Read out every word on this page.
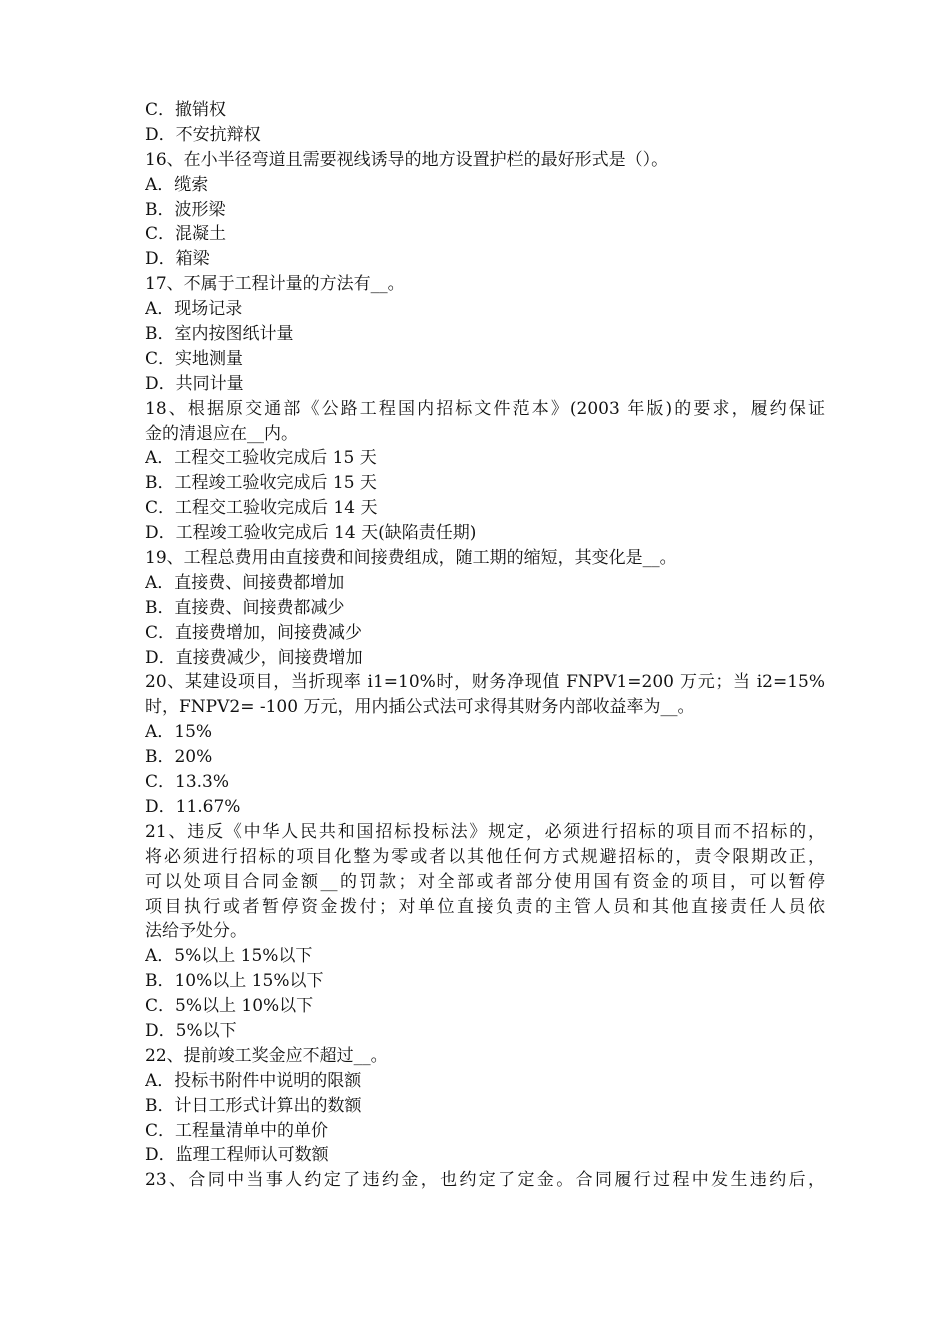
C．撤销权
D．不安抗辩权
16、在小半径弯道且需要视线诱导的地方设置护栏的最好形式是（）。
A．缆索
B．波形梁
C．混凝土
D．箱梁
17、不属于工程计量的方法有__。
A．现场记录
B．室内按图纸计量
C．实地测量
D．共同计量
18、根据原交通部《公路工程国内招标文件范本》(2003 年版)的要求，履约保证
金的清退应在__内。
A．工程交工验收完成后 15 天
B．工程竣工验收完成后 15 天
C．工程交工验收完成后 14 天
D．工程竣工验收完成后 14 天(缺陷责任期)
19、工程总费用由直接费和间接费组成，随工期的缩短，其变化是__。
A．直接费、间接费都增加
B．直接费、间接费都减少
C．直接费增加，间接费减少
D．直接费减少，间接费增加
20、某建设项目，当折现率 i1=10%时，财务净现值 FNPV1=200 万元；当 i2=15%
时，FNPV2= -100 万元，用内插公式法可求得其财务内部收益率为__。
A．15%
B．20%
C．13.3%
D．11.67%
21、违反《中华人民共和国招标投标法》规定，必须进行招标的项目而不招标的，
将必须进行招标的项目化整为零或者以其他任何方式规避招标的，责令限期改正，
可以处项目合同金额__的罚款；对全部或者部分使用国有资金的项目，可以暂停
项目执行或者暂停资金拨付；对单位直接负责的主管人员和其他直接责任人员依
法给予处分。
A．5%以上 15%以下
B．10%以上 15%以下
C．5%以上 10%以下
D．5%以下
22、提前竣工奖金应不超过__。
A．投标书附件中说明的限额
B．计日工形式计算出的数额
C．工程量清单中的单价
D．监理工程师认可数额
23、合同中当事人约定了违约金，也约定了定金。合同履行过程中发生违约后，
